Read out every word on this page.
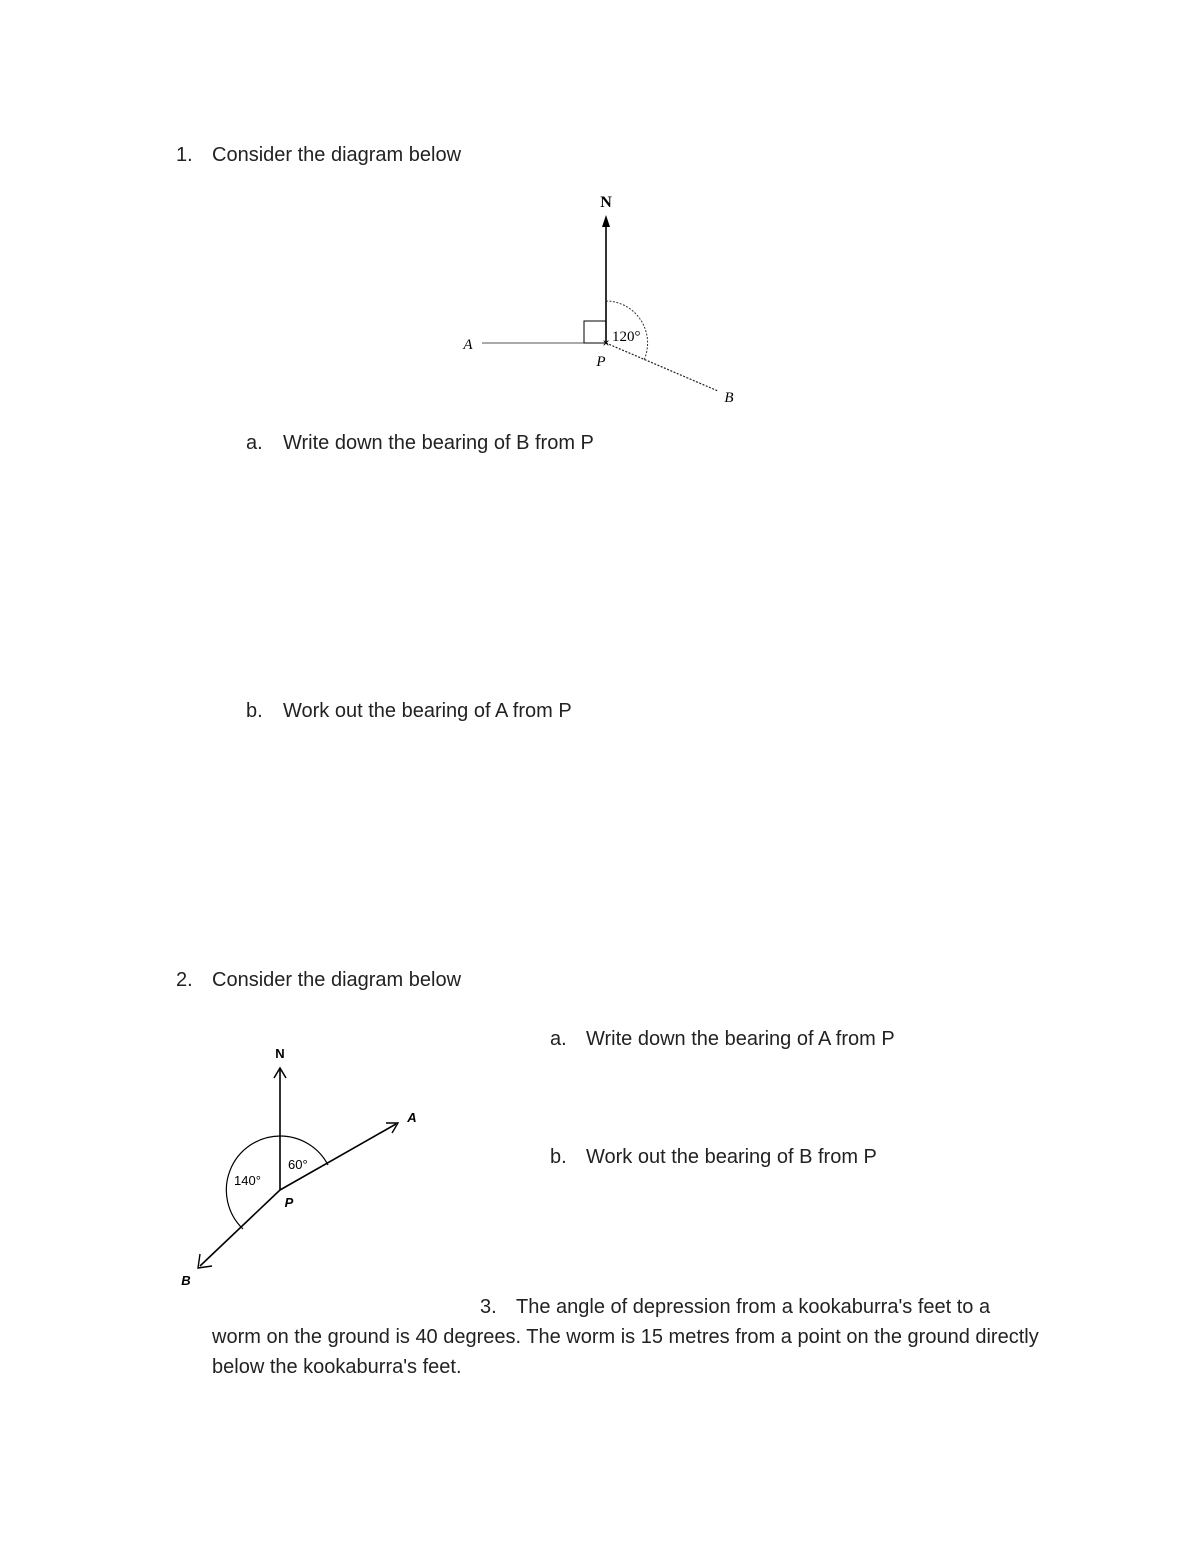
1. Consider the diagram below
N
A
B
120°
×
P
a. Write down the bearing of B from P
b. Work out the bearing of A from P
2. Consider the diagram below
N
A
B
60°
140°
P
a. Write down the bearing of A from P
b. Work out the bearing of B from P
3. The angle of depression from a kookaburra's feet to a
worm on the ground is 40 degrees. The worm is 15 metres from a point on the ground directly below the kookaburra's feet.
